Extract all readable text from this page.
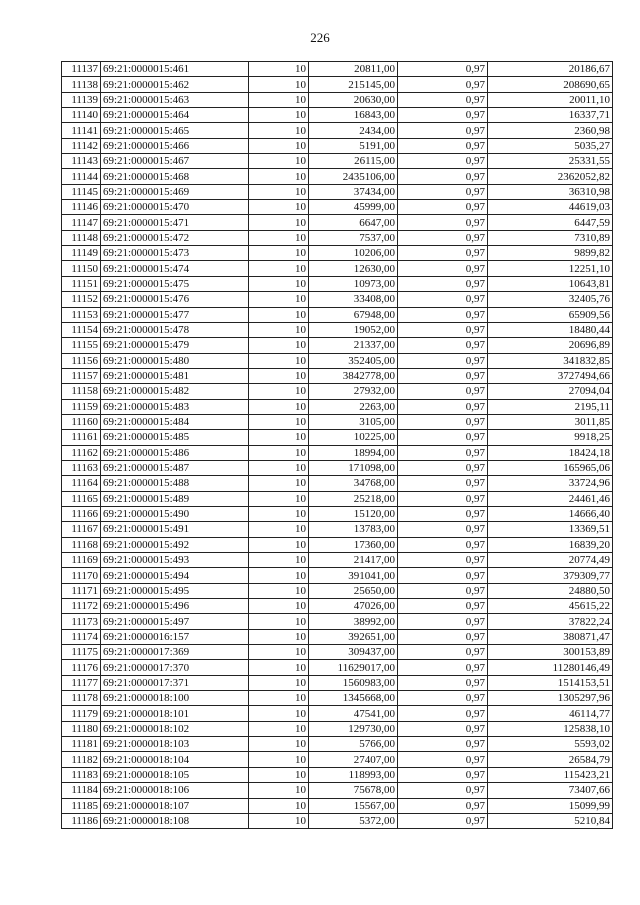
226
11137	69:21:0000015:461	10	20811,00	0,97	20186,67
11138	69:21:0000015:462	10	215145,00	0,97	208690,65
11139	69:21:0000015:463	10	20630,00	0,97	20011,10
11140	69:21:0000015:464	10	16843,00	0,97	16337,71
11141	69:21:0000015:465	10	2434,00	0,97	2360,98
11142	69:21:0000015:466	10	5191,00	0,97	5035,27
11143	69:21:0000015:467	10	26115,00	0,97	25331,55
11144	69:21:0000015:468	10	2435106,00	0,97	2362052,82
11145	69:21:0000015:469	10	37434,00	0,97	36310,98
11146	69:21:0000015:470	10	45999,00	0,97	44619,03
11147	69:21:0000015:471	10	6647,00	0,97	6447,59
11148	69:21:0000015:472	10	7537,00	0,97	7310,89
11149	69:21:0000015:473	10	10206,00	0,97	9899,82
11150	69:21:0000015:474	10	12630,00	0,97	12251,10
11151	69:21:0000015:475	10	10973,00	0,97	10643,81
11152	69:21:0000015:476	10	33408,00	0,97	32405,76
11153	69:21:0000015:477	10	67948,00	0,97	65909,56
11154	69:21:0000015:478	10	19052,00	0,97	18480,44
11155	69:21:0000015:479	10	21337,00	0,97	20696,89
11156	69:21:0000015:480	10	352405,00	0,97	341832,85
11157	69:21:0000015:481	10	3842778,00	0,97	3727494,66
11158	69:21:0000015:482	10	27932,00	0,97	27094,04
11159	69:21:0000015:483	10	2263,00	0,97	2195,11
11160	69:21:0000015:484	10	3105,00	0,97	3011,85
11161	69:21:0000015:485	10	10225,00	0,97	9918,25
11162	69:21:0000015:486	10	18994,00	0,97	18424,18
11163	69:21:0000015:487	10	171098,00	0,97	165965,06
11164	69:21:0000015:488	10	34768,00	0,97	33724,96
11165	69:21:0000015:489	10	25218,00	0,97	24461,46
11166	69:21:0000015:490	10	15120,00	0,97	14666,40
11167	69:21:0000015:491	10	13783,00	0,97	13369,51
11168	69:21:0000015:492	10	17360,00	0,97	16839,20
11169	69:21:0000015:493	10	21417,00	0,97	20774,49
11170	69:21:0000015:494	10	391041,00	0,97	379309,77
11171	69:21:0000015:495	10	25650,00	0,97	24880,50
11172	69:21:0000015:496	10	47026,00	0,97	45615,22
11173	69:21:0000015:497	10	38992,00	0,97	37822,24
11174	69:21:0000016:157	10	392651,00	0,97	380871,47
11175	69:21:0000017:369	10	309437,00	0,97	300153,89
11176	69:21:0000017:370	10	11629017,00	0,97	11280146,49
11177	69:21:0000017:371	10	1560983,00	0,97	1514153,51
11178	69:21:0000018:100	10	1345668,00	0,97	1305297,96
11179	69:21:0000018:101	10	47541,00	0,97	46114,77
11180	69:21:0000018:102	10	129730,00	0,97	125838,10
11181	69:21:0000018:103	10	5766,00	0,97	5593,02
11182	69:21:0000018:104	10	27407,00	0,97	26584,79
11183	69:21:0000018:105	10	118993,00	0,97	115423,21
11184	69:21:0000018:106	10	75678,00	0,97	73407,66
11185	69:21:0000018:107	10	15567,00	0,97	15099,99
11186	69:21:0000018:108	10	5372,00	0,97	5210,84
